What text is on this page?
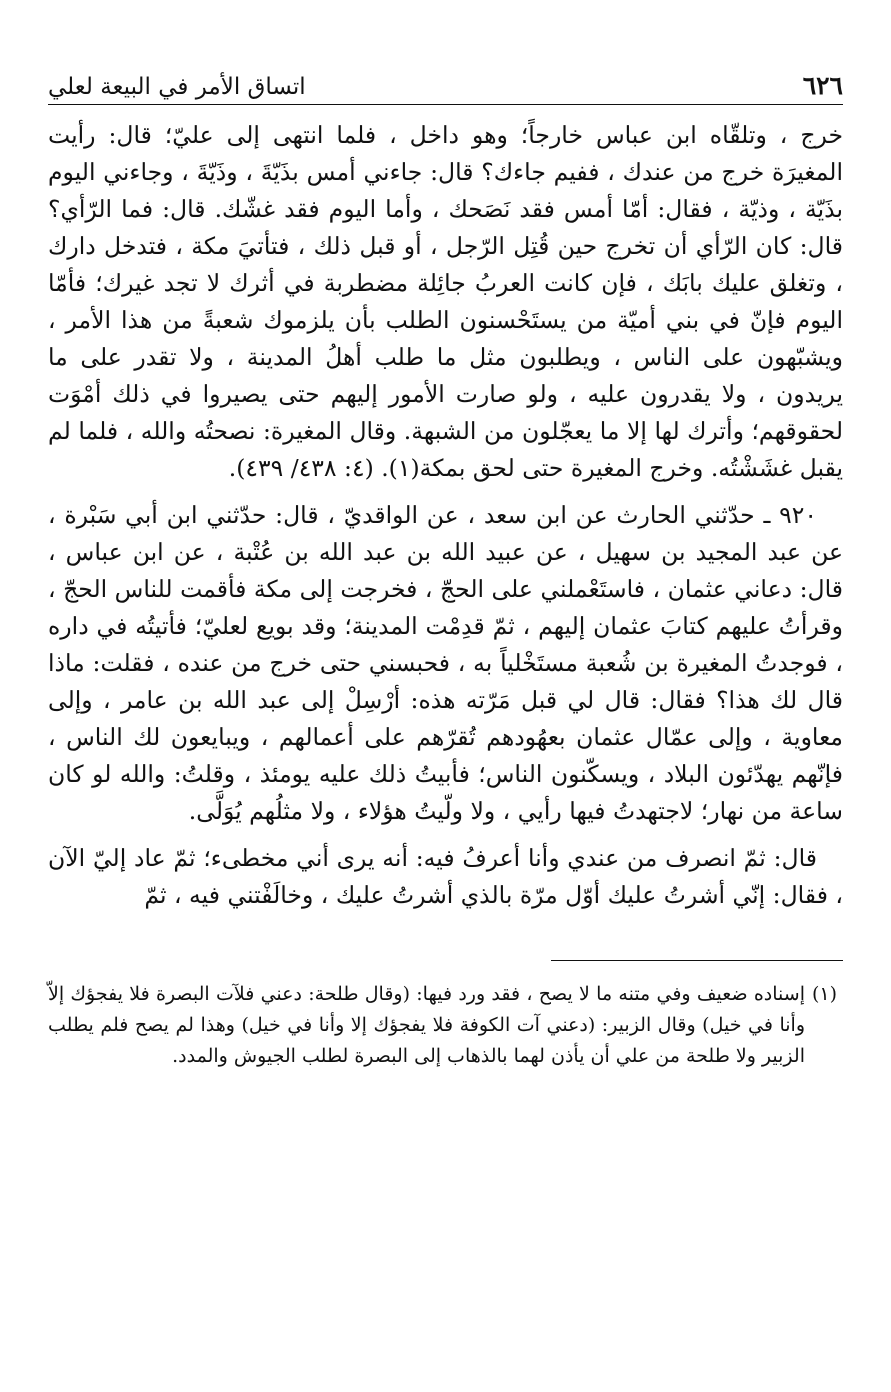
٦٢٦
اتساق الأمر في البيعة لعلي

خرج ، وتلقّاه ابن عباس خارجاً؛ وهو داخل ، فلما انتهى إلى عليّ؛ قال: رأيت المغيرَة خرج من عندك ، ففيم جاءك؟ قال: جاءني أمس بذَيّةَ ، وذَيّةَ ، وجاءني اليوم بذَيّة ، وذيّة ، فقال: أمّا أمس فقد نَصَحك ، وأما اليوم فقد غشّك. قال: فما الرّأي؟ قال: كان الرّأي أن تخرج حين قُتِل الرّجل ، أو قبل ذلك ، فتأتيَ مكة ، فتدخل دارك ، وتغلق عليك بابَك ، فإن كانت العربُ جائِلة مضطربة في أثرك لا تجد غيرك؛ فأمّا اليوم فإنّ في بني أميّة من يستَحْسنون الطلب بأن يلزموك شعبةً من هذا الأمر ، ويشبّهون على الناس ، ويطلبون مثل ما طلب أهلُ المدينة ، ولا تقدر على ما يريدون ، ولا يقدرون عليه ، ولو صارت الأمور إليهم حتى يصيروا في ذلك أمْوَت لحقوقهم؛ وأترك لها إلا ما يعجّلون من الشبهة. وقال المغيرة: نصحتُه والله ، فلما لم يقبل غشَشْتُه. وخرج المغيرة حتى لحق بمكة(١). (٤: ٤٣٨/ ٤٣٩).

٩٢٠ ـ حدّثني الحارث عن ابن سعد ، عن الواقديّ ، قال: حدّثني ابن أبي سَبْرة ، عن عبد المجيد بن سهيل ، عن عبيد الله بن عبد الله بن عُتْبة ، عن ابن عباس ، قال: دعاني عثمان ، فاستَعْملني على الحجّ ، فخرجت إلى مكة فأقمت للناس الحجّ ، وقرأتُ عليهم كتابَ عثمان إليهم ، ثمّ قدِمْت المدينة؛ وقد بويع لعليّ؛ فأتيتُه في داره ، فوجدتُ المغيرة بن شُعبة مستَخْلياً به ، فحبسني حتى خرج من عنده ، فقلت: ماذا قال لك هذا؟ فقال: قال لي قبل مَرّته هذه: أرْسِلْ إلى عبد الله بن عامر ، وإلى معاوية ، وإلى عمّال عثمان بعهُودهم تُقرّهم على أعمالهم ، ويبايعون لك الناس ، فإنّهم يهدّئون البلاد ، ويسكّنون الناس؛ فأبيتُ ذلك عليه يومئذ ، وقلتُ: والله لو كان ساعة من نهار؛ لاجتهدتُ فيها رأيي ، ولا ولّيتُ هؤلاء ، ولا مثلُهم يُوَلَّى.

قال: ثمّ انصرف من عندي وأنا أعرفُ فيه: أنه يرى أني مخطىء؛ ثمّ عاد إليّ الآن ، فقال: إنّي أشرتُ عليك أوّل مرّة بالذي أشرتُ عليك ، وخالَفْتني فيه ، ثمّ

(١)
إسناده ضعيف وفي متنه ما لا يصح ، فقد ورد فيها: (وقال طلحة: دعني فلآت البصرة فلا يفجؤك إلاّ وأنا في خيل) وقال الزبير: (دعني آت الكوفة فلا يفجؤك إلا وأنا في خيل) وهذا لم يصح فلم يطلب الزبير ولا طلحة من علي أن يأذن لهما بالذهاب إلى البصرة لطلب الجيوش والمدد.
